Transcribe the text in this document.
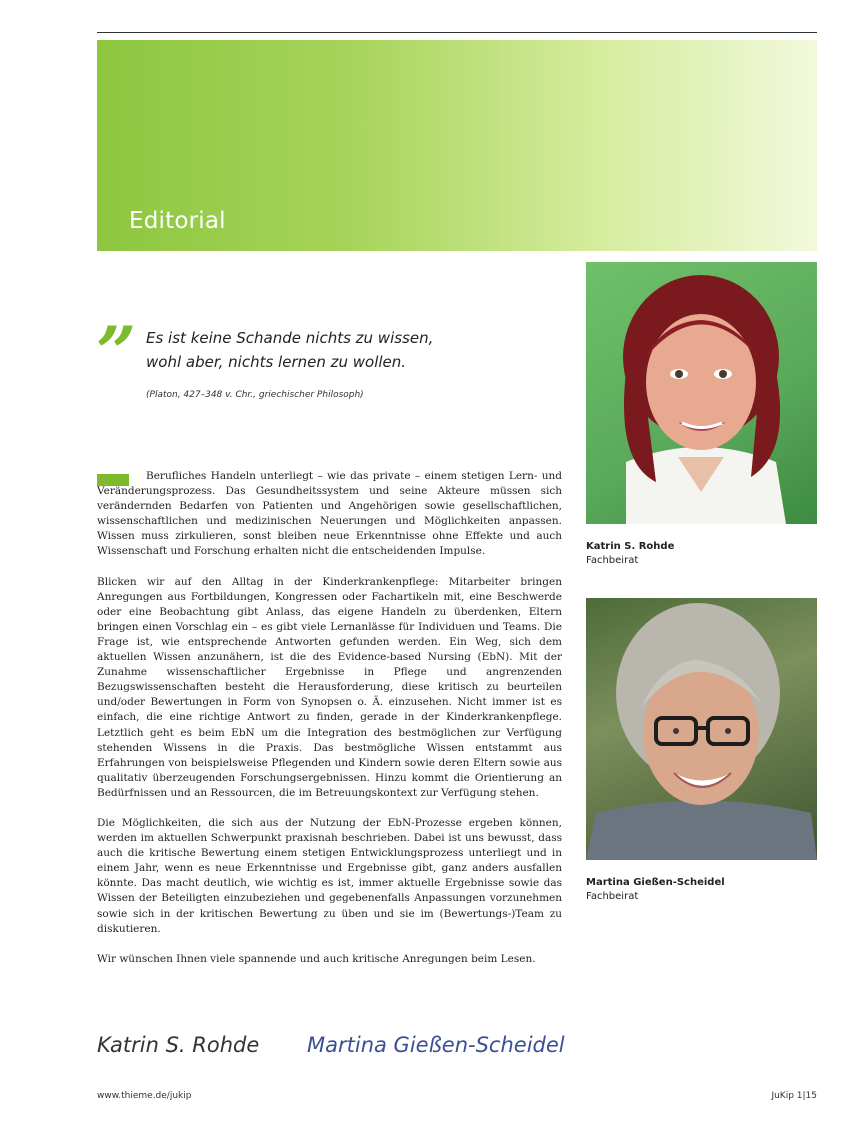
Editorial
” Es ist keine Schande nichts zu wissen,
wohl aber, nichts lernen zu wollen.
(Platon, 427–348 v. Chr., griechischer Philosoph)

Berufliches Handeln unterliegt – wie das private – einem stetigen Lern- und Veränderungsprozess. Das Gesundheitssystem und seine Akteure müssen sich verändernden Bedarfen von Patienten und Angehörigen sowie gesellschaftlichen, wissenschaftlichen und medizinischen Neuerungen und Möglichkeiten anpassen. Wissen muss zirkulieren, sonst bleiben neue Erkenntnisse ohne Effekte und auch Wissenschaft und Forschung erhalten nicht die entscheidenden Impulse.

Blicken wir auf den Alltag in der Kinderkrankenpflege: Mitarbeiter bringen Anregungen aus Fortbildungen, Kongressen oder Fachartikeln mit, eine Beschwerde oder eine Beobachtung gibt Anlass, das eigene Handeln zu überdenken, Eltern bringen einen Vorschlag ein – es gibt viele Lernanlässe für Individuen und Teams. Die Frage ist, wie entsprechende Antworten gefunden werden. Ein Weg, sich dem aktuellen Wissen anzunähern, ist die des Evidence-based Nursing (EbN). Mit der Zunahme wissenschaftlicher Ergebnisse in Pflege und angrenzenden Bezugswissenschaften besteht die Herausforderung, diese kritisch zu beurteilen und/oder Bewertungen in Form von Synopsen o. Ä. einzusehen. Nicht immer ist es einfach, die eine richtige Antwort zu finden, gerade in der Kinderkrankenpflege. Letztlich geht es beim EbN um die Integration des bestmöglichen zur Verfügung stehenden Wissens in die Praxis. Das bestmögliche Wissen entstammt aus Erfahrungen von beispielsweise Pflegenden und Kindern sowie deren Eltern sowie aus qualitativ überzeugenden Forschungsergebnissen. Hinzu kommt die Orientierung an Bedürfnissen und an Ressourcen, die im Betreuungskontext zur Verfügung stehen.

Die Möglichkeiten, die sich aus der Nutzung der EbN-Prozesse ergeben können, werden im aktuellen Schwerpunkt praxisnah beschrieben. Dabei ist uns bewusst, dass auch die kritische Bewertung einem stetigen Entwicklungsprozess unterliegt und in einem Jahr, wenn es neue Erkenntnisse und Ergebnisse gibt, ganz anders ausfallen könnte. Das macht deutlich, wie wichtig es ist, immer aktuelle Ergebnisse sowie das Wissen der Beteiligten einzubeziehen und gegebenenfalls Anpassungen vorzunehmen sowie sich in der kritischen Bewertung zu üben und sie im (Bewertungs-)Team zu diskutieren.

Wir wünschen Ihnen viele spannende und auch kritische Anregungen beim Lesen.

Katrin S. Rohde
Fachbeirat
Martina Gießen-Scheidel
Fachbeirat
Katrin S. Rohde Martina Gießen-Scheidel
www.thieme.de/jukip	JuKip 1|15
